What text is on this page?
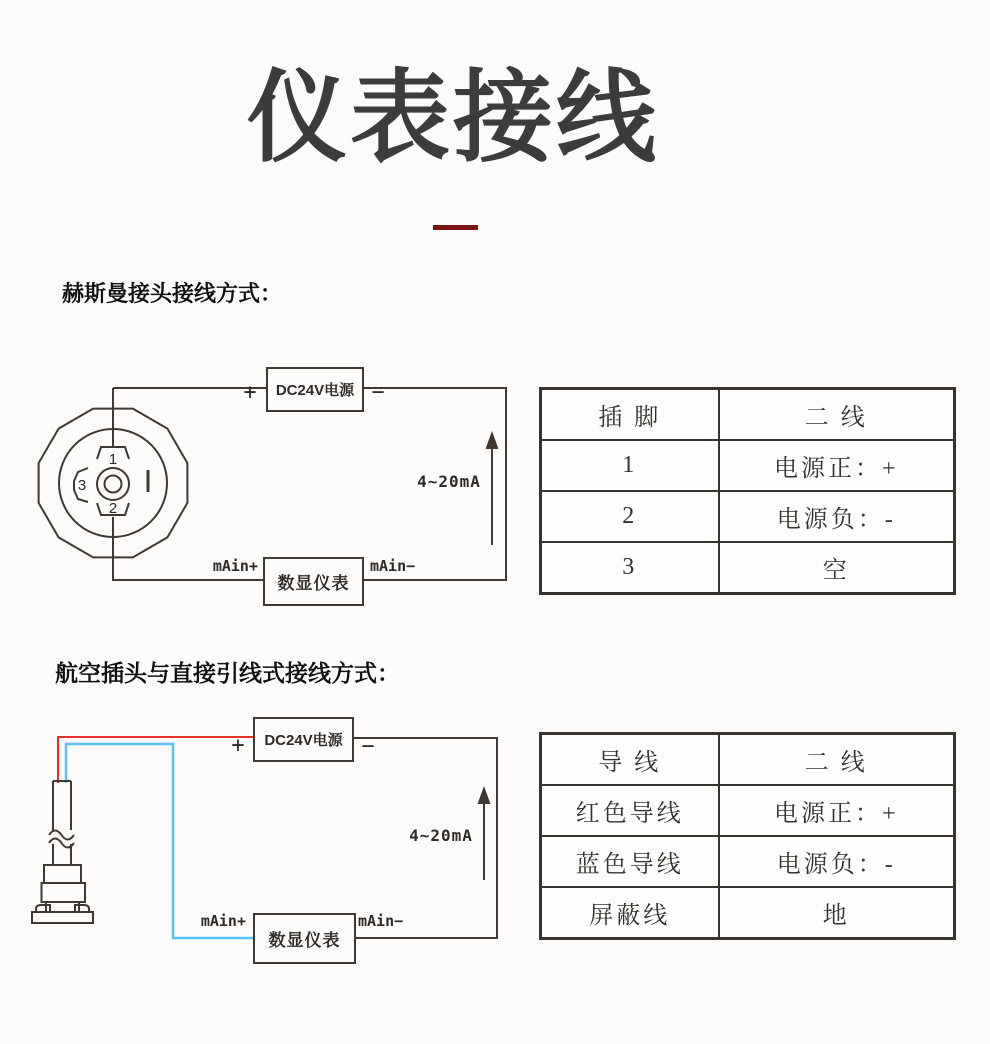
仪表接线
赫斯曼接头接线方式：
1
2
3
+	DC24V电源 −
4~20mA
mAin+
数显仪表
mAin−
插 脚	二 线
1	电源正：+
2	电源负：-
3	空
航空插头与直接引线式接线方式：
+	DC24V电源 −
4~20mA
mAin+
数显仪表
mAin−
导 线	二 线
红色导线	电源正：+
蓝色导线	电源负：-
屏蔽线	地
